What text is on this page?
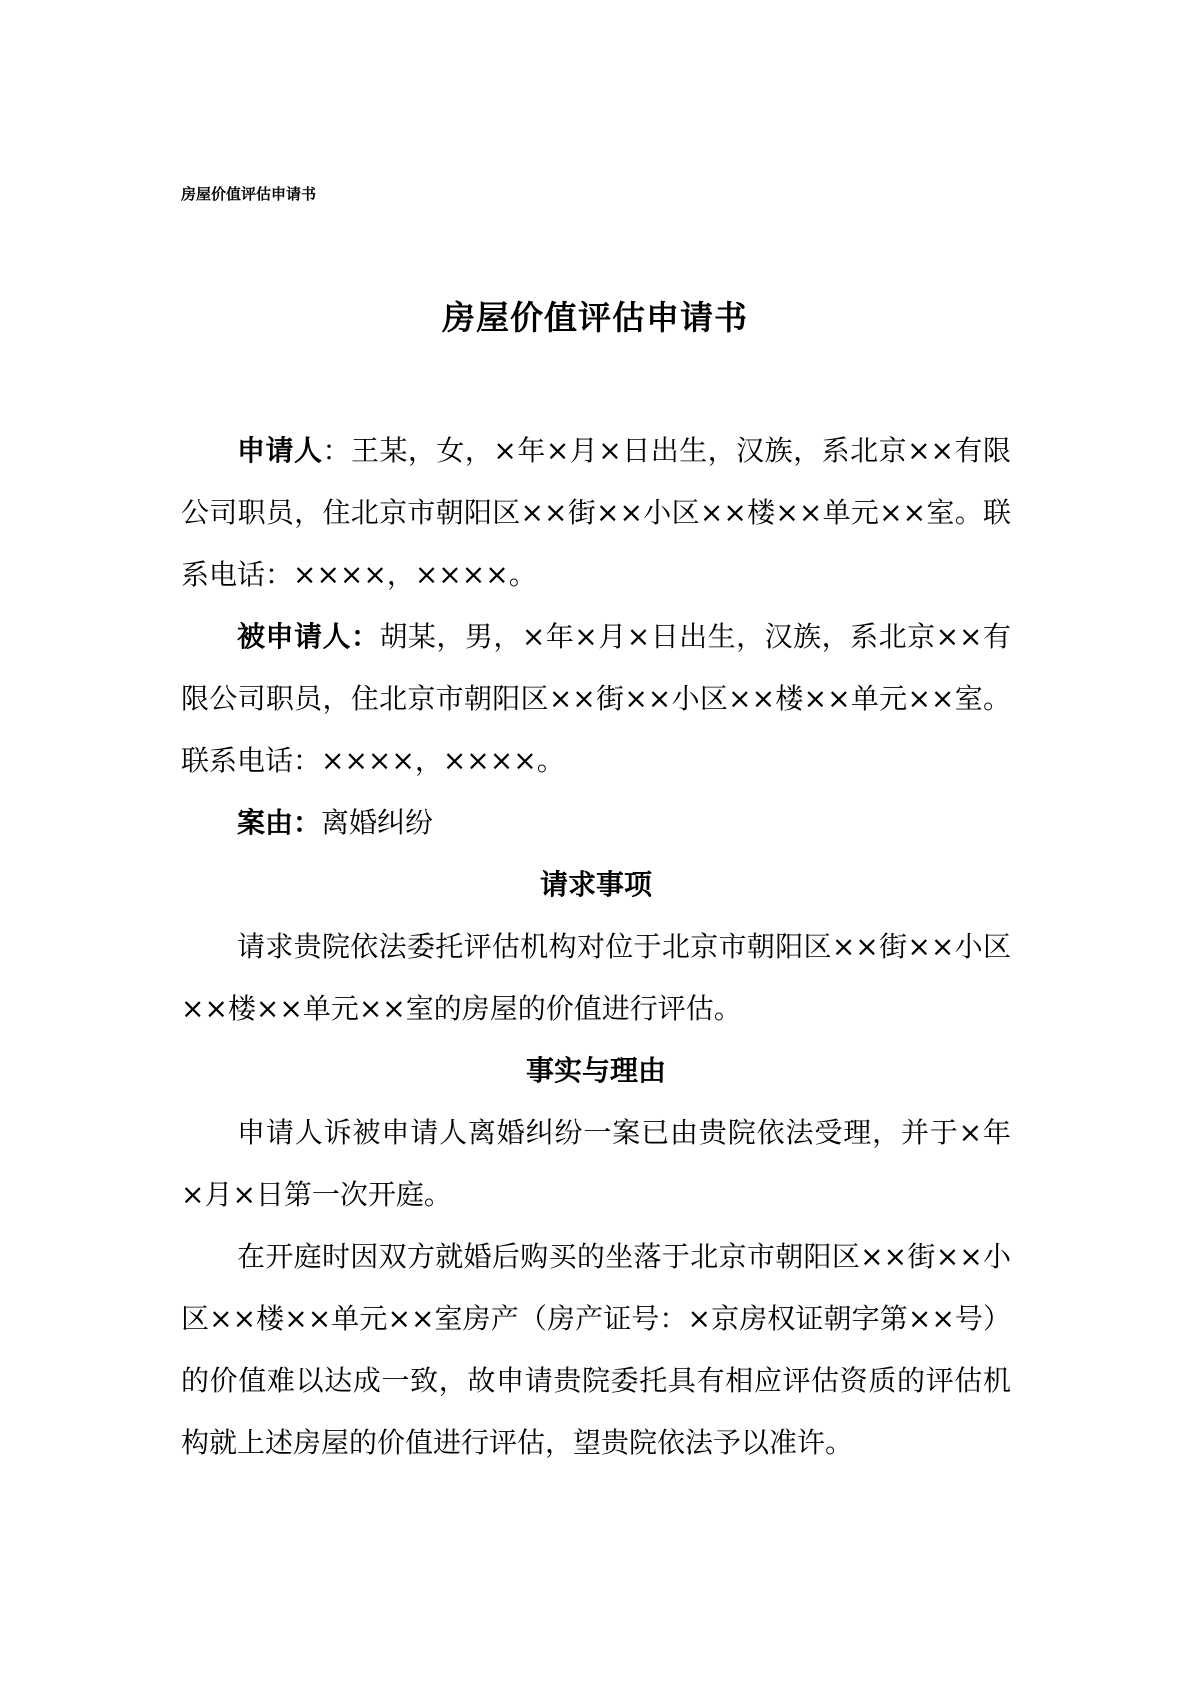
房屋价值评估申请书
房屋价值评估申请书

申请人：王某，女，×年×月×日出生，汉族，系北京××有限公司职员，住北京市朝阳区××街××小区××楼××单元××室。联系电话：××××，××××。

被申请人：胡某，男，×年×月×日出生，汉族，系北京××有限公司职员，住北京市朝阳区××街××小区××楼××单元××室。联系电话：××××，××××。

案由：离婚纠纷

请求事项

请求贵院依法委托评估机构对位于北京市朝阳区××街××小区××楼××单元××室的房屋的价值进行评估。

事实与理由

申请人诉被申请人离婚纠纷一案已由贵院依法受理，并于×年×月×日第一次开庭。

在开庭时因双方就婚后购买的坐落于北京市朝阳区××街××小区××楼××单元××室房产（房产证号：×京房权证朝字第××号）的价值难以达成一致，故申请贵院委托具有相应评估资质的评估机构就上述房屋的价值进行评估，望贵院依法予以准许。
